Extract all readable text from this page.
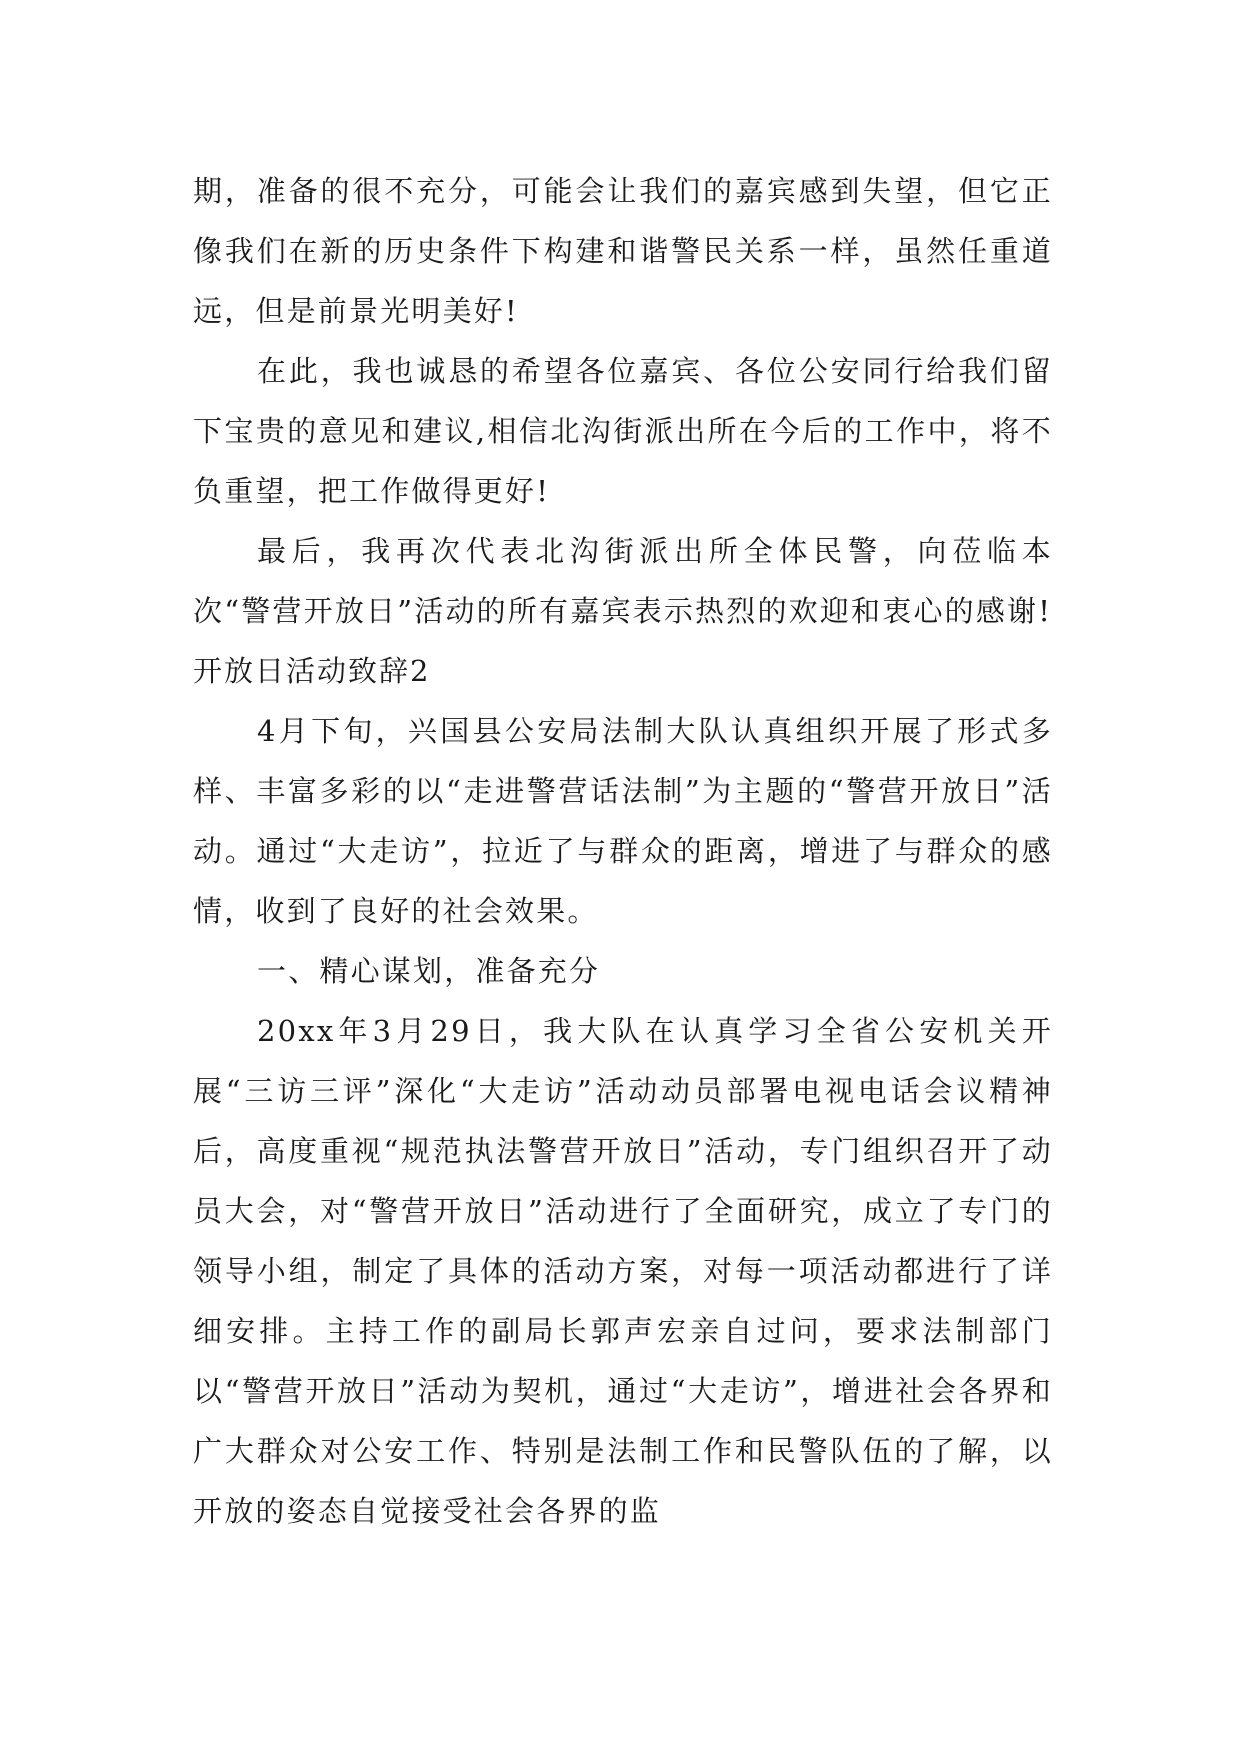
期，准备的很不充分，可能会让我们的嘉宾感到失望，但它正像我们在新的历史条件下构建和谐警民关系一样，虽然任重道远，但是前景光明美好!

在此，我也诚恳的希望各位嘉宾、各位公安同行给我们留下宝贵的意见和建议,相信北沟街派出所在今后的工作中，将不负重望，把工作做得更好!

最后，我再次代表北沟街派出所全体民警，向莅临本次“警营开放日”活动的所有嘉宾表示热烈的欢迎和衷心的感谢!

开放日活动致辞2

4月下旬，兴国县公安局法制大队认真组织开展了形式多样、丰富多彩的以“走进警营话法制”为主题的“警营开放日”活动。通过“大走访”，拉近了与群众的距离，增进了与群众的感情，收到了良好的社会效果。

一、精心谋划，准备充分

20xx年3月29日，我大队在认真学习全省公安机关开展“三访三评”深化“大走访”活动动员部署电视电话会议精神后，高度重视“规范执法警营开放日”活动，专门组织召开了动员大会，对“警营开放日”活动进行了全面研究，成立了专门的领导小组，制定了具体的活动方案，对每一项活动都进行了详细安排。主持工作的副局长郭声宏亲自过问，要求法制部门以“警营开放日”活动为契机，通过“大走访”，增进社会各界和广大群众对公安工作、特别是法制工作和民警队伍的了解，以开放的姿态自觉接受社会各界的监
